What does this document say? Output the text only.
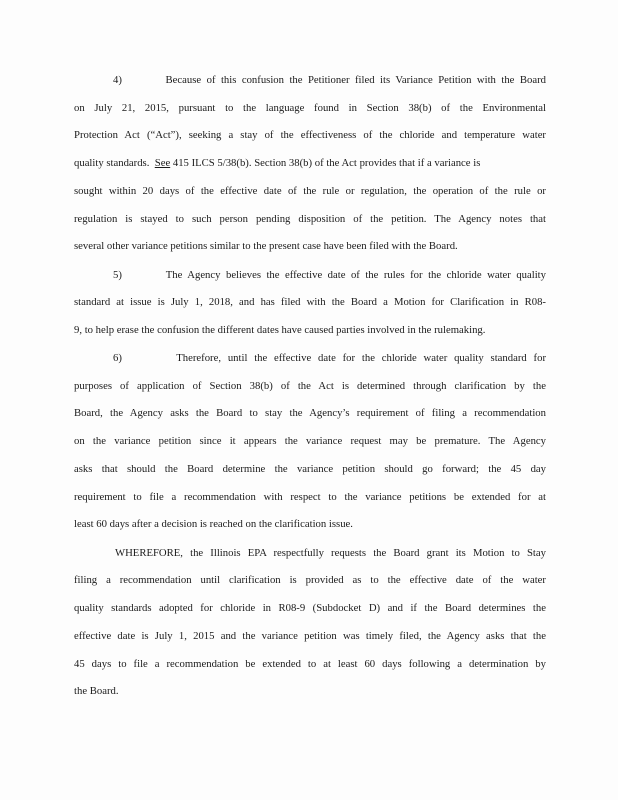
4)        Because of this confusion the Petitioner filed its Variance Petition with the Board
on July 21, 2015, pursuant to the language found in Section 38(b) of the Environmental
Protection Act (“Act”), seeking a stay of the effectiveness of the chloride and temperature water
quality standards. See 415 ILCS 5/38(b). Section 38(b) of the Act provides that if a variance is
sought within 20 days of the effective date of the rule or regulation, the operation of the rule or
regulation is stayed to such person pending disposition of the petition. The Agency notes that
several other variance petitions similar to the present case have been filed with the Board.
5)        The Agency believes the effective date of the rules for the chloride water quality
standard at issue is July 1, 2018, and has filed with the Board a Motion for Clarification in R08-
9, to help erase the confusion the different dates have caused parties involved in the rulemaking.
6)        Therefore, until the effective date for the chloride water quality standard for
purposes of application of Section 38(b) of the Act is determined through clarification by the
Board, the Agency asks the Board to stay the Agency’s requirement of filing a recommendation
on the variance petition since it appears the variance request may be premature. The Agency
asks that should the Board determine the variance petition should go forward; the 45 day
requirement to file a recommendation with respect to the variance petitions be extended for at
least 60 days after a decision is reached on the clarification issue.
WHEREFORE, the Illinois EPA respectfully requests the Board grant its Motion to Stay
filing a recommendation until clarification is provided as to the effective date of the water
quality standards adopted for chloride in R08-9 (Subdocket D) and if the Board determines the
effective date is July 1, 2015 and the variance petition was timely filed, the Agency asks that the
45 days to file a recommendation be extended to at least 60 days following a determination by
the Board.
